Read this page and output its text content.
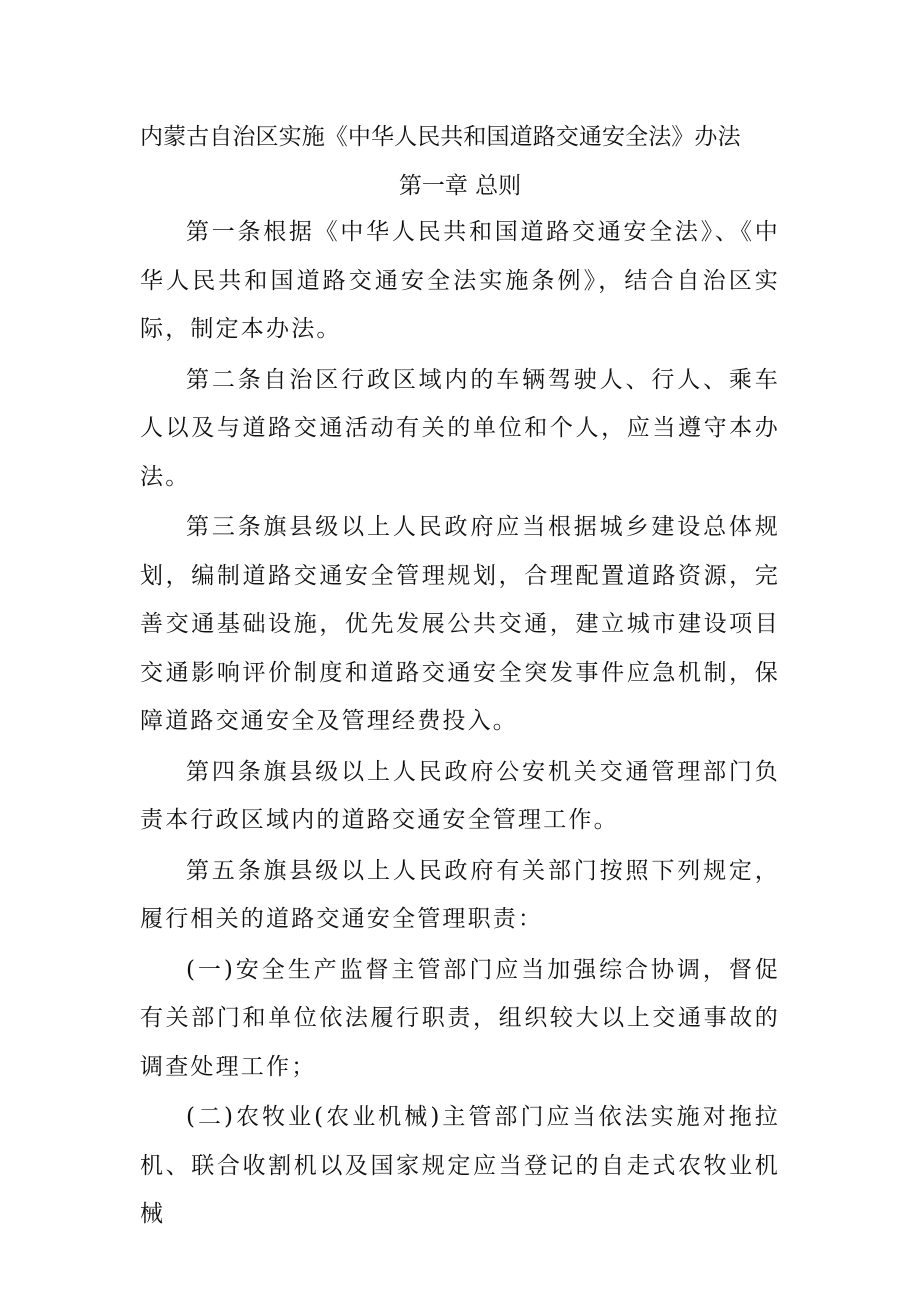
内蒙古自治区实施《中华人民共和国道路交通安全法》办法
第一章 总则

第一条根据《中华人民共和国道路交通安全法》、《中华人民共和国道路交通安全法实施条例》，结合自治区实际，制定本办法。

第二条自治区行政区域内的车辆驾驶人、行人、乘车人以及与道路交通活动有关的单位和个人，应当遵守本办法。

第三条旗县级以上人民政府应当根据城乡建设总体规划，编制道路交通安全管理规划，合理配置道路资源，完善交通基础设施，优先发展公共交通，建立城市建设项目交通影响评价制度和道路交通安全突发事件应急机制，保障道路交通安全及管理经费投入。

第四条旗县级以上人民政府公安机关交通管理部门负责本行政区域内的道路交通安全管理工作。

第五条旗县级以上人民政府有关部门按照下列规定，履行相关的道路交通安全管理职责：

(一)安全生产监督主管部门应当加强综合协调，督促有关部门和单位依法履行职责，组织较大以上交通事故的调查处理工作；

(二)农牧业(农业机械)主管部门应当依法实施对拖拉机、联合收割机以及国家规定应当登记的自走式农牧业机械
